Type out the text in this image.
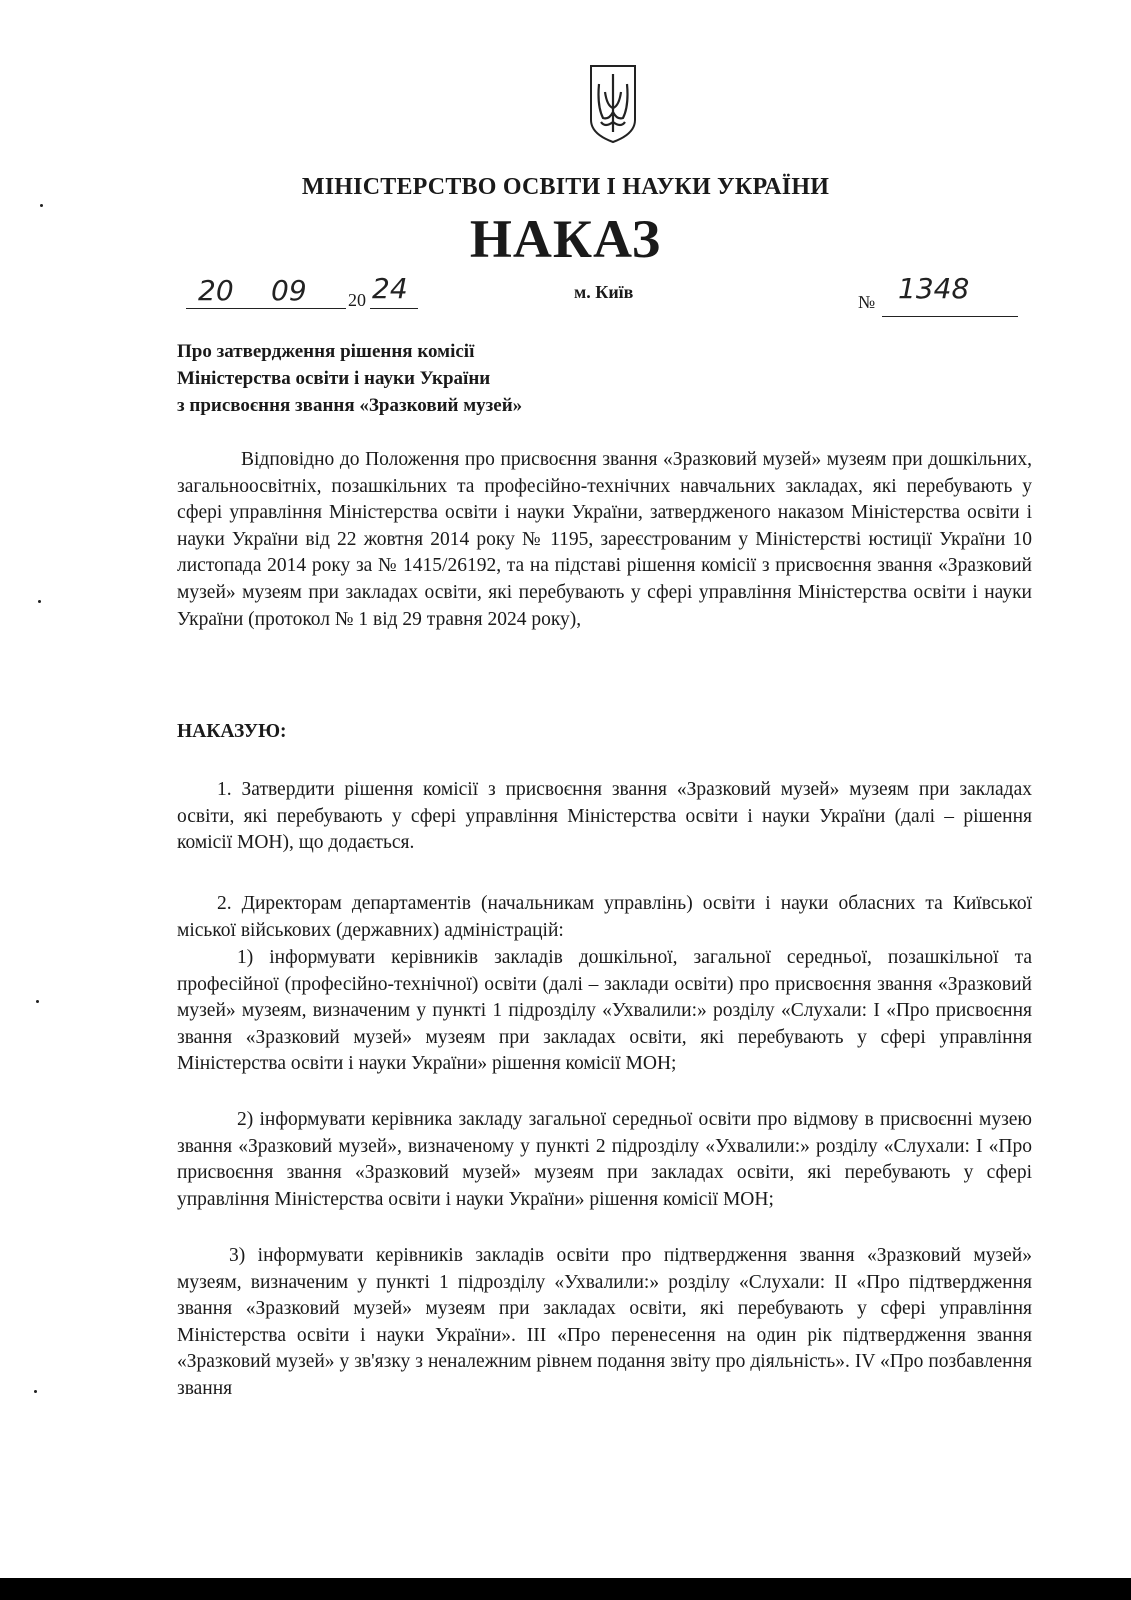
МІНІСТЕРСТВО ОСВІТИ І НАУКИ УКРАЇНИ
НАКАЗ
20 09 20 24	м. Київ	№ 1348
Про затвердження рішення комісії
Міністерства освіти і науки України
з присвоєння звання «Зразковий музей»
Відповідно до Положення про присвоєння звання «Зразковий музей» музеям при дошкільних, загальноосвітніх, позашкільних та професійно-технічних навчальних закладах, які перебувають у сфері управління Міністерства освіти і науки України, затвердженого наказом Міністерства освіти і науки України від 22 жовтня 2014 року № 1195, зареєстрованим у Міністерстві юстиції України 10 листопада 2014 року за № 1415/26192, та на підставі рішення комісії з присвоєння звання «Зразковий музей» музеям при закладах освіти, які перебувають у сфері управління Міністерства освіти і науки України (протокол № 1 від 29 травня 2024 року),
НАКАЗУЮ:
1. Затвердити рішення комісії з присвоєння звання «Зразковий музей» музеям при закладах освіти, які перебувають у сфері управління Міністерства освіти і науки України (далі – рішення комісії МОН), що додається.
2. Директорам департаментів (начальникам управлінь) освіти і науки обласних та Київської міської військових (державних) адміністрацій:
1) інформувати керівників закладів дошкільної, загальної середньої, позашкільної та професійної (професійно-технічної) освіти (далі – заклади освіти) про присвоєння звання «Зразковий музей» музеям, визначеним у пункті 1 підрозділу «Ухвалили:» розділу «Слухали: І «Про присвоєння звання «Зразковий музей» музеям при закладах освіти, які перебувають у сфері управління Міністерства освіти і науки України» рішення комісії МОН;
2) інформувати керівника закладу загальної середньої освіти про відмову в присвоєнні музею звання «Зразковий музей», визначеному у пункті 2 підрозділу «Ухвалили:» розділу «Слухали: І «Про присвоєння звання «Зразковий музей» музеям при закладах освіти, які перебувають у сфері управління Міністерства освіти і науки України» рішення комісії МОН;
3) інформувати керівників закладів освіти про підтвердження звання «Зразковий музей» музеям, визначеним у пункті 1 підрозділу «Ухвалили:» розділу «Слухали: ІІ «Про підтвердження звання «Зразковий музей» музеям при закладах освіти, які перебувають у сфері управління Міністерства освіти і науки України». ІІІ «Про перенесення на один рік підтвердження звання «Зразковий музей» у зв'язку з неналежним рівнем подання звіту про діяльність». IV «Про позбавлення звання
